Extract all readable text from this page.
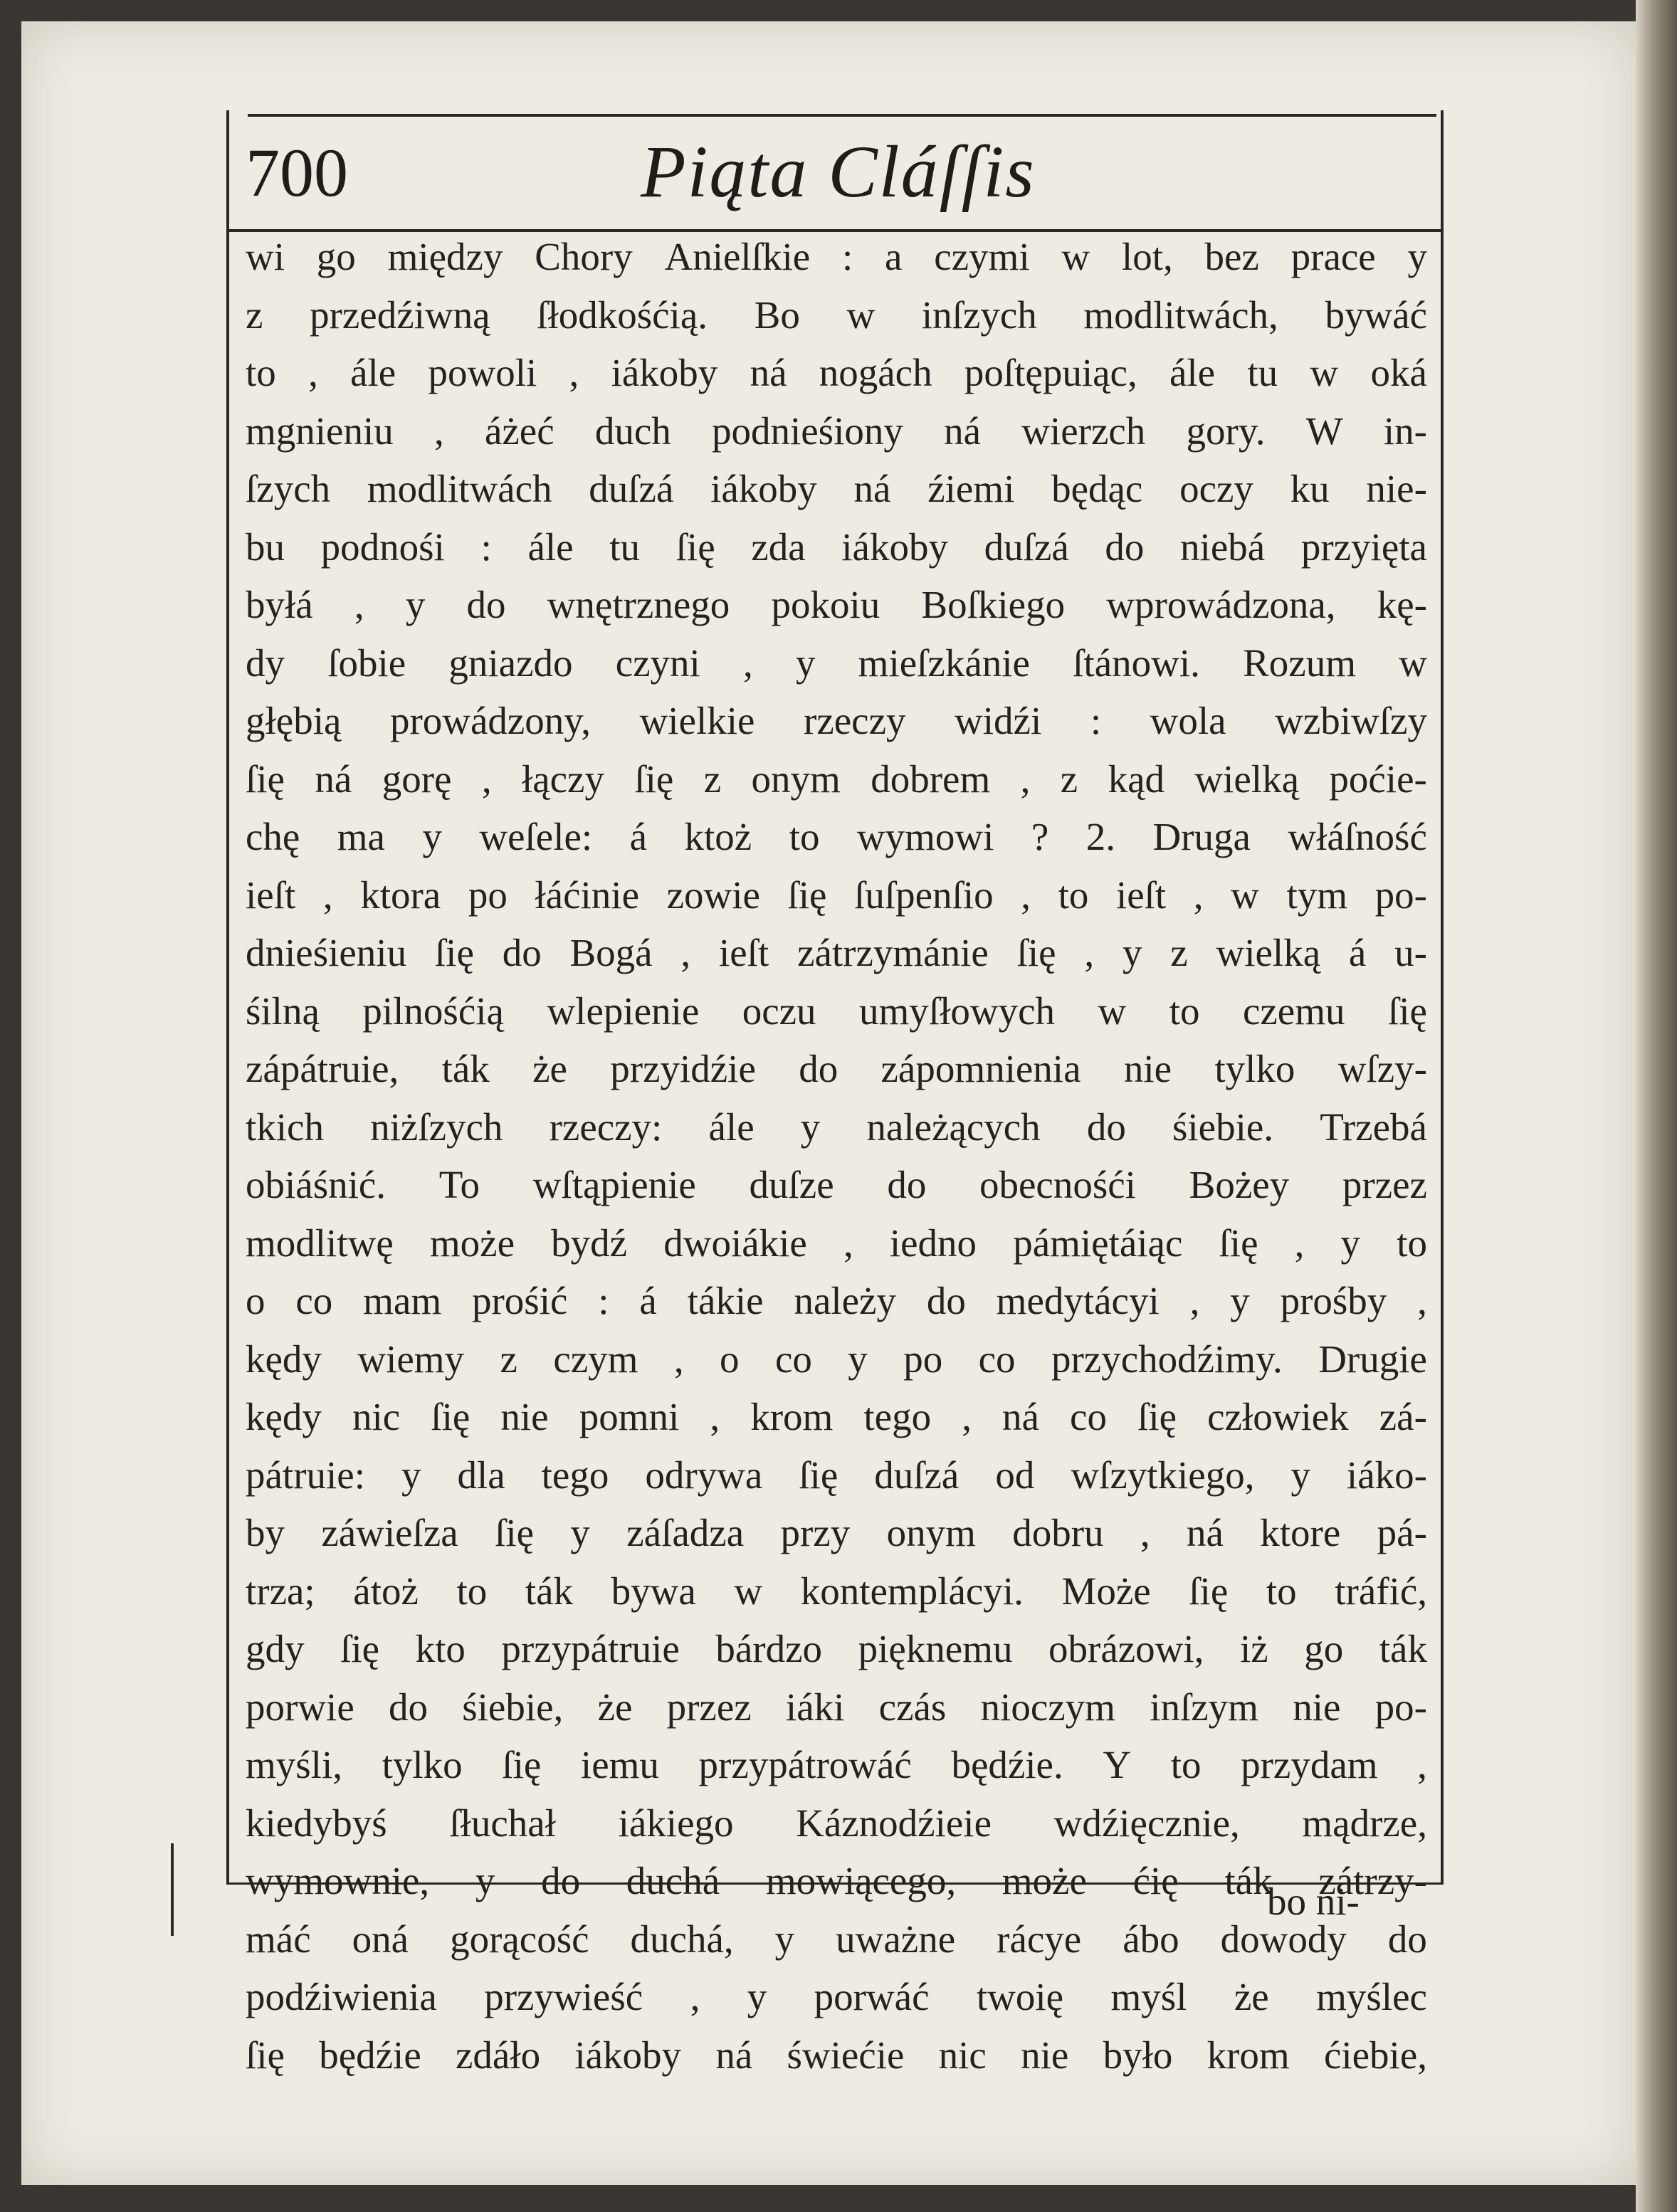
700	Piąta Cláſſis
wi go między Chory Anielſkie : a czymi w lot, bez prace y
z przedźiwną ſłodkośćią. Bo w inſzych modlitwách, bywáć
to , ále powoli , iákoby ná nogách poſtępuiąc, ále tu w oká
mgnieniu , áżeć duch podnieśiony ná wierzch gory. W in-
ſzych modlitwách duſzá iákoby ná źiemi będąc oczy ku nie-
bu podnośi : ále tu ſię zda iákoby duſzá do niebá przyięta
byłá , y do wnętrznego pokoiu Boſkiego wprowádzona, kę-
dy ſobie gniazdo czyni , y mieſzkánie ſtánowi. Rozum w
głębią prowádzony, wielkie rzeczy widźi : wola wzbiwſzy
ſię ná gorę , łączy ſię z onym dobrem , z kąd wielką poćie-
chę ma y weſele: á ktoż to wymowi ? 2. Druga włáſność
ieſt , ktora po łáćinie zowie ſię ſuſpenſio , to ieſt , w tym po-
dnieśieniu ſię do Bogá , ieſt zátrzymánie ſię , y z wielką á u-
śilną pilnośćią wlepienie oczu umyſłowych w to czemu ſię
zápátruie, ták że przyidźie do zápomnienia nie tylko wſzy-
tkich niżſzych rzeczy: ále y należących do śiebie. Trzebá
obiáśnić. To wſtąpienie duſze do obecnośći Bożey przez
modlitwę może bydź dwoiákie , iedno pámiętáiąc ſię , y to
o co mam prośić : á tákie należy do medytácyi , y prośby ,
kędy wiemy z czym , o co y po co przychodźimy. Drugie
kędy nic ſię nie pomni , krom tego , ná co ſię człowiek zá-
pátruie: y dla tego odrywa ſię duſzá od wſzytkiego, y iáko-
by záwieſza ſię y záſadza przy onym dobru , ná ktore pá-
trza; átoż to ták bywa w kontemplácyi. Może ſię to tráfić,
gdy ſię kto przypátruie bárdzo pięknemu obrázowi, iż go ták
porwie do śiebie, że przez iáki czás nioczym inſzym nie po-
myśli, tylko ſię iemu przypátrowáć będźie. Y to przydam ,
kiedybyś ſłuchał iákiego Káznodźieie wdźięcznie, mądrze,
wymownie, y do duchá mowiącego, może ćię ták zátrzy-
máć oná gorącość duchá, y uważne rácye ábo dowody do
podźiwienia przywieść , y porwáć twoię myśl że myślec
ſię będźie zdáło iákoby ná świećie nic nie było krom ćiebie,
bo ni-
